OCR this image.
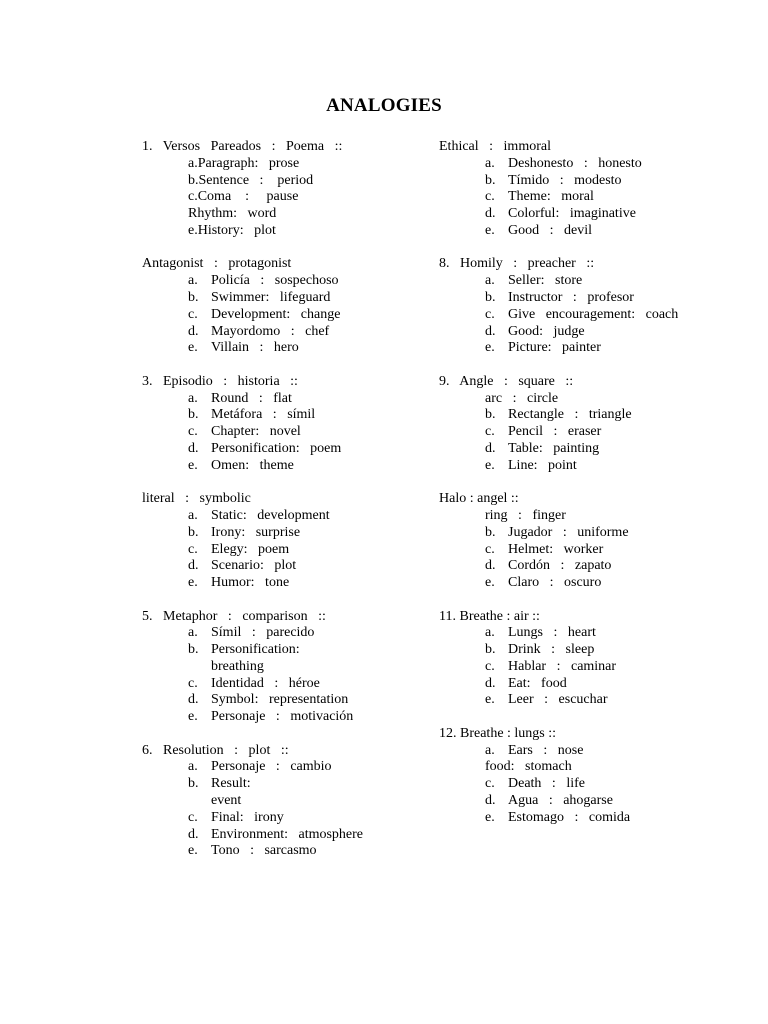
ANALOGIES
1.   Versos   Pareados   :   Poema   ::
a.Paragraph:   prose
b.Sentence   :    period
c.Coma    :     pause
Rhythm:   word
e.History:   plot
Antagonist   :   protagonist
a. Policía   :   sospechoso
b. Swimmer:   lifeguard
c. Development:   change
d. Mayordomo   :   chef
e. Villain   :   hero
3.   Episodio   :   historia   ::
a. Round   :   flat
b. Metáfora   :   símil
c. Chapter:   novel
d. Personification:   poem
e. Omen:   theme
literal   :   symbolic
a. Static:   development
b. Irony:   surprise
c. Elegy:   poem
d. Scenario:   plot
e. Humor:   tone
5.   Metaphor   :   comparison   ::
a. Símil   :   parecido
b. Personification:
breathing
c. Identidad   :   héroe
d. Symbol:   representation
e. Personaje   :   motivación
6.   Resolution   :   plot   ::
a. Personaje   :   cambio
b. Result:
event
c. Final:   irony
d. Environment:   atmosphere
e. Tono   :   sarcasmo
Ethical   :   immoral
a. Deshonesto   :   honesto
b. Tímido   :   modesto
c. Theme:   moral
d. Colorful:   imaginative
e. Good   :   devil
8.   Homily   :   preacher   ::
a. Seller:   store
b. Instructor   :   profesor
c. Give   encouragement:   coach
d. Good:   judge
e. Picture:   painter
9.   Angle   :   square   ::
arc   :   circle
b. Rectangle   :   triangle
c. Pencil   :   eraser
d. Table:   painting
e. Line:   point
Halo : angel ::
ring   :   finger
b. Jugador   :   uniforme
c. Helmet:   worker
d. Cordón   :   zapato
e. Claro   :   oscuro
11. Breathe : air ::
a. Lungs   :   heart
b. Drink   :   sleep
c. Hablar   :   caminar
d. Eat:   food
e. Leer   :   escuchar
12. Breathe : lungs ::
a. Ears   :   nose
food:   stomach
c. Death   :   life
d. Agua   :   ahogarse
e. Estomago   :   comida
